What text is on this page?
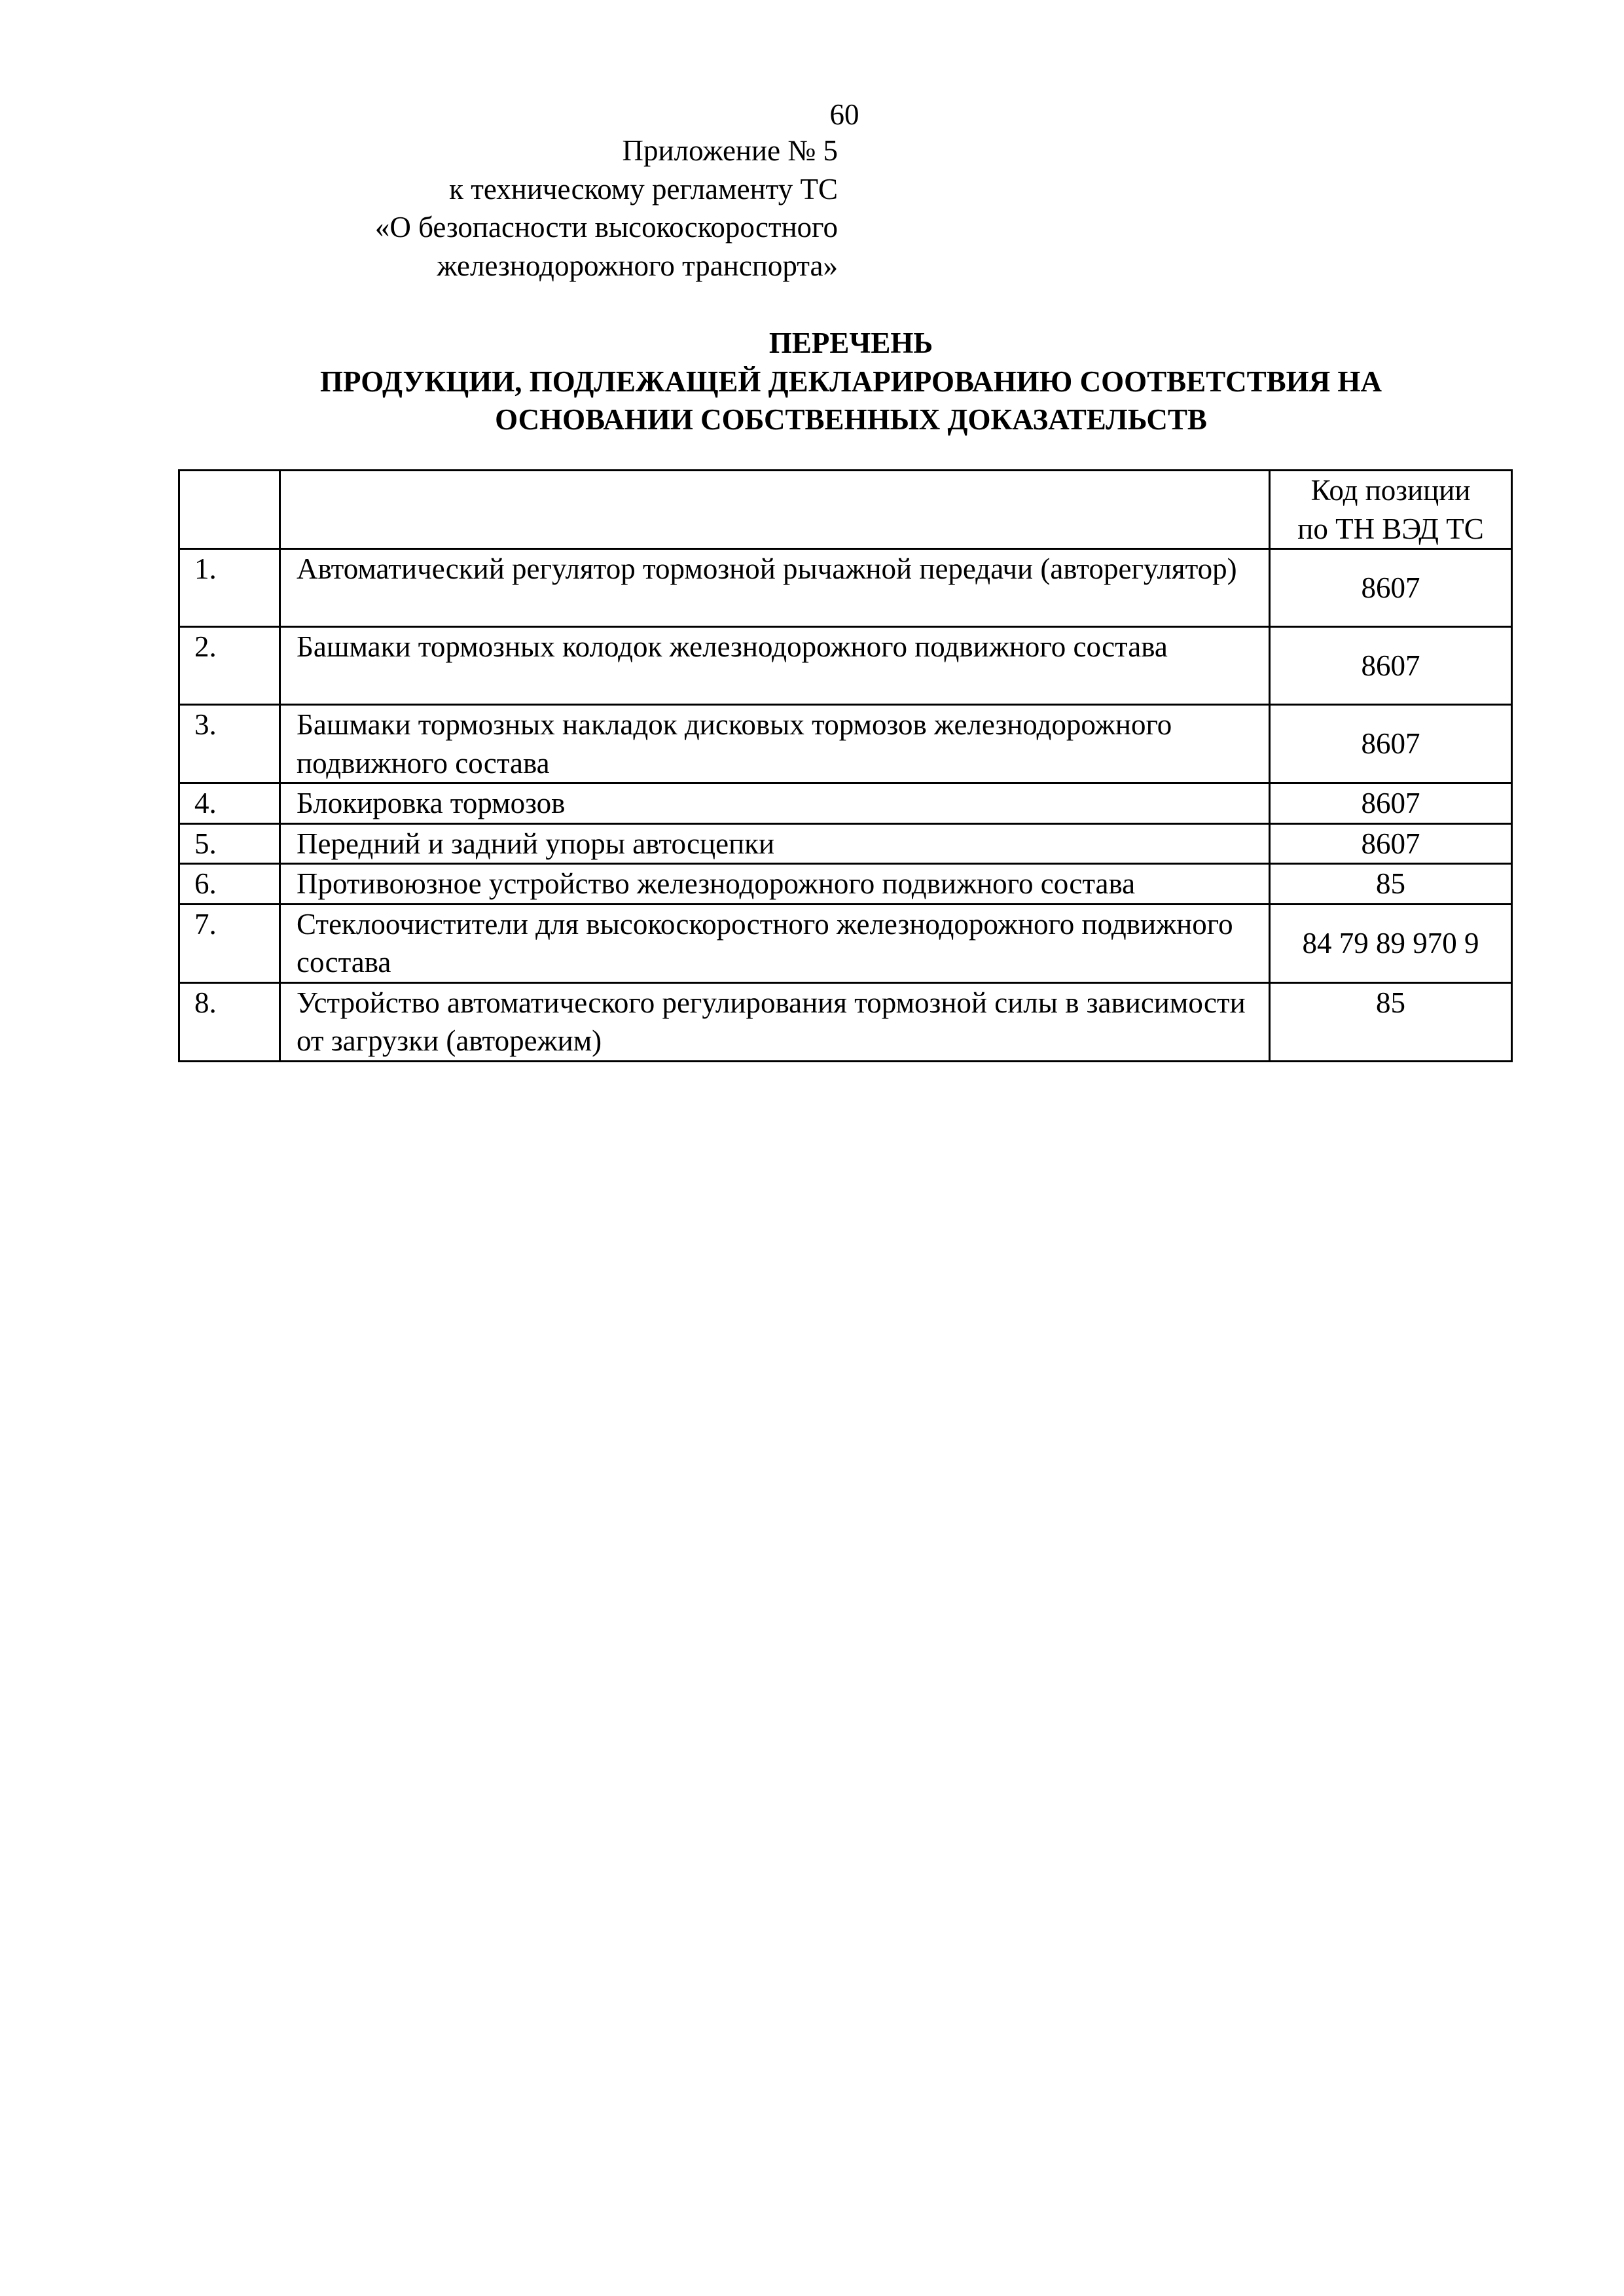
60
Приложение № 5
к техническому регламенту ТС
«О безопасности высокоскоростного
железнодорожного транспорта»
ПЕРЕЧЕНЬ
ПРОДУКЦИИ, ПОДЛЕЖАЩЕЙ ДЕКЛАРИРОВАНИЮ СООТВЕТСТВИЯ НА
ОСНОВАНИИ СОБСТВЕННЫХ ДОКАЗАТЕЛЬСТВ

		Код позиции
по ТН ВЭД ТС

1.	Автоматический регулятор тормозной рычажной передачи (авторегулятор)	8607
2.	Башмаки тормозных колодок железнодорожного подвижного состава	8607
3.	Башмаки тормозных накладок дисковых тормозов железнодорожного подвижного состава	8607
4.	Блокировка тормозов	8607
5.	Передний и задний упоры автосцепки	8607
6.	Противоюзное устройство железнодорожного подвижного состава	85
7.	Стеклоочистители для высокоскоростного железнодорожного подвижного состава	84 79 89 970 9
8.	Устройство автоматического регулирования тормозной силы в зависимости от загрузки (авторежим)	85
